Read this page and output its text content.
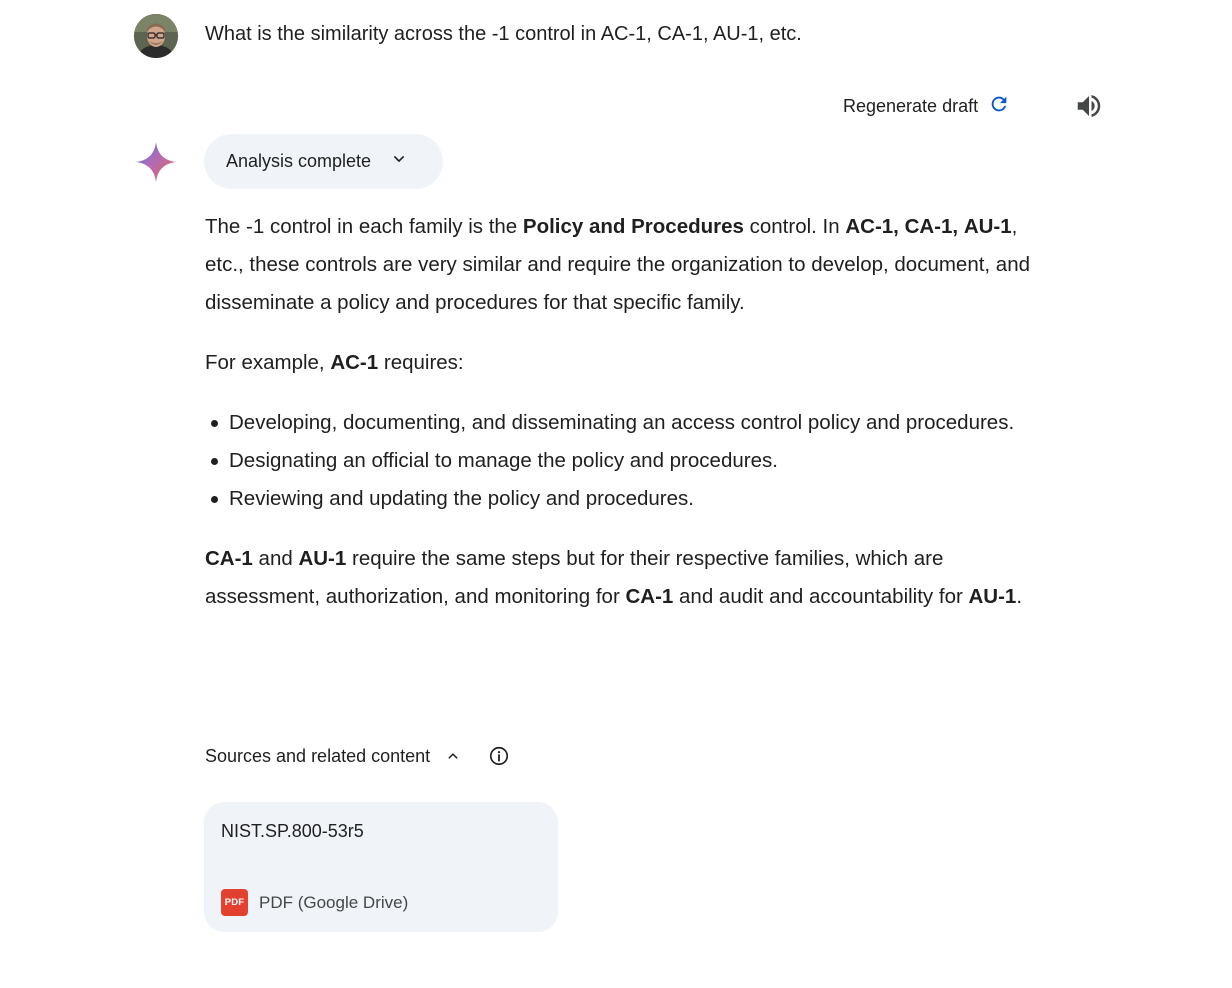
What is the similarity across the -1 control in AC-1, CA-1, AU-1, etc.
Regenerate draft
Analysis complete

The -1 control in each family is the Policy and Procedures control. In AC-1, CA-1, AU-1, etc., these controls are very similar and require the organization to develop, document, and disseminate a policy and procedures for that specific family.

For example, AC-1 requires:

Developing, documenting, and disseminating an access control policy and procedures.
Designating an official to manage the policy and procedures.
Reviewing and updating the policy and procedures.

CA-1 and AU-1 require the same steps but for their respective families, which are assessment, authorization, and monitoring for CA-1 and audit and accountability for AU-1.

Sources and related content
NIST.SP.800-53r5
PDF PDF (Google Drive)
